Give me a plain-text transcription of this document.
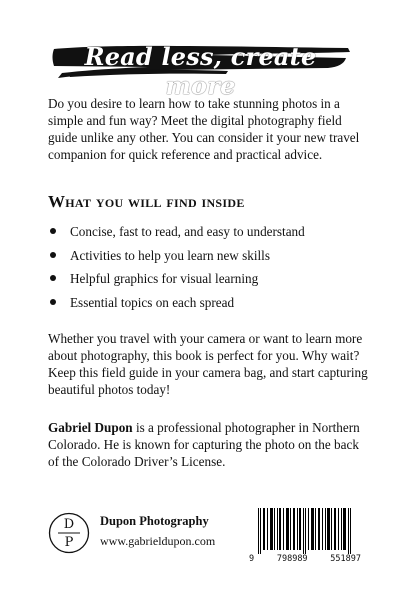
Read less, create more

Do you desire to learn how to take stunning photos in a simple and fun way? Meet the digital photography field guide unlike any other. You can consider it your new travel companion for quick reference and practical advice.

What you will find inside
Concise, fast to read, and easy to understand
Activities to help you learn new skills
Helpful graphics for visual learning
Essential topics on each spread

Whether you travel with your camera or want to learn more about photography, this book is perfect for you. Why wait? Keep this field guide in your camera bag, and start capturing beautiful photos today!

Gabriel Dupon is a professional photographer in Northern Colorado. He is known for capturing the photo on the back of the Colorado Driver’s License.

D
P

Dupon Photography

www.gabrieldupon.com

9	798989	551897
